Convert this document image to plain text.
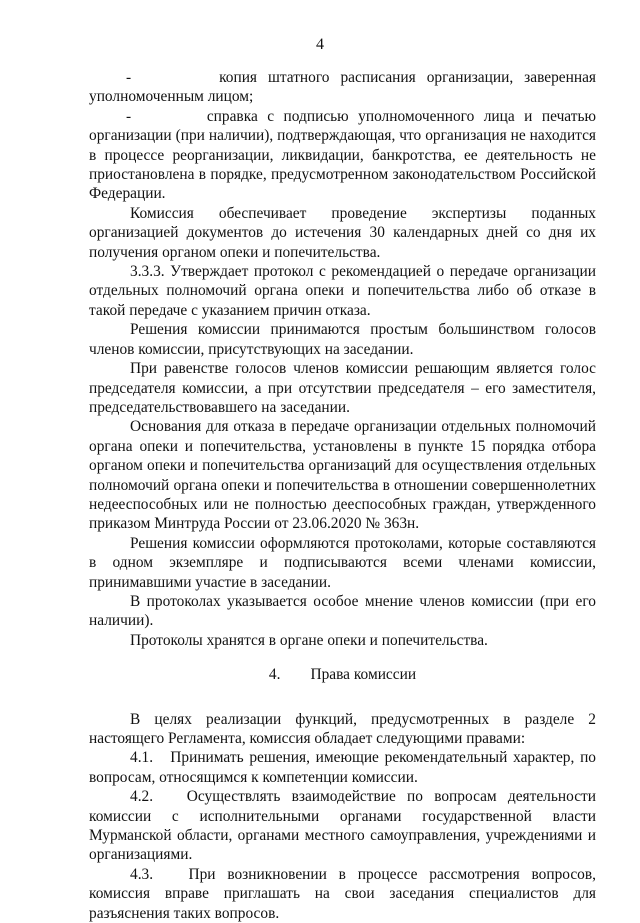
4

-        копия штатного расписания организации, заверенная уполномоченным лицом;

-        справка с подписью уполномоченного лица и печатью организации (при наличии), подтверждающая, что организация не находится в процессе реорганизации, ликвидации, банкротства, ее деятельность не приостановлена в порядке, предусмотренном законодательством Российской Федерации.

Комиссия обеспечивает проведение экспертизы поданных организацией документов до истечения 30 календарных дней со дня их получения органом опеки и попечительства.

3.3.3. Утверждает протокол с рекомендацией о передаче организации отдельных полномочий органа опеки и попечительства либо об отказе в такой передаче с указанием причин отказа.

Решения комиссии принимаются простым большинством голосов членов комиссии, присутствующих на заседании.

При равенстве голосов членов комиссии решающим является голос председателя комиссии, а при отсутствии председателя – его заместителя, председательствовавшего на заседании.

Основания для отказа в передаче организации отдельных полномочий органа опеки и попечительства, установлены в пункте 15 порядка отбора органом опеки и попечительства организаций для осуществления отдельных полномочий органа опеки и попечительства в отношении совершеннолетних недееспособных или не полностью дееспособных граждан, утвержденного приказом Минтруда России от 23.06.2020 № 363н.

Решения комиссии оформляются протоколами, которые составляются в одном экземпляре и подписываются всеми членами комиссии, принимавшими участие в заседании.

В протоколах указывается особое мнение членов комиссии (при его наличии).

Протоколы хранятся в органе опеки и попечительства.

4. Права комиссии

В целях реализации функций, предусмотренных в разделе 2 настоящего Регламента, комиссия обладает следующими правами:

4.1.   Принимать решения, имеющие рекомендательный характер, по вопросам, относящимся к компетенции комиссии.

4.2.   Осуществлять взаимодействие по вопросам деятельности комиссии с исполнительными органами государственной власти Мурманской области, органами местного самоуправления, учреждениями и организациями.

4.3.   При возникновении в процессе рассмотрения вопросов, комиссия вправе приглашать на свои заседания специалистов для разъяснения таких вопросов.
